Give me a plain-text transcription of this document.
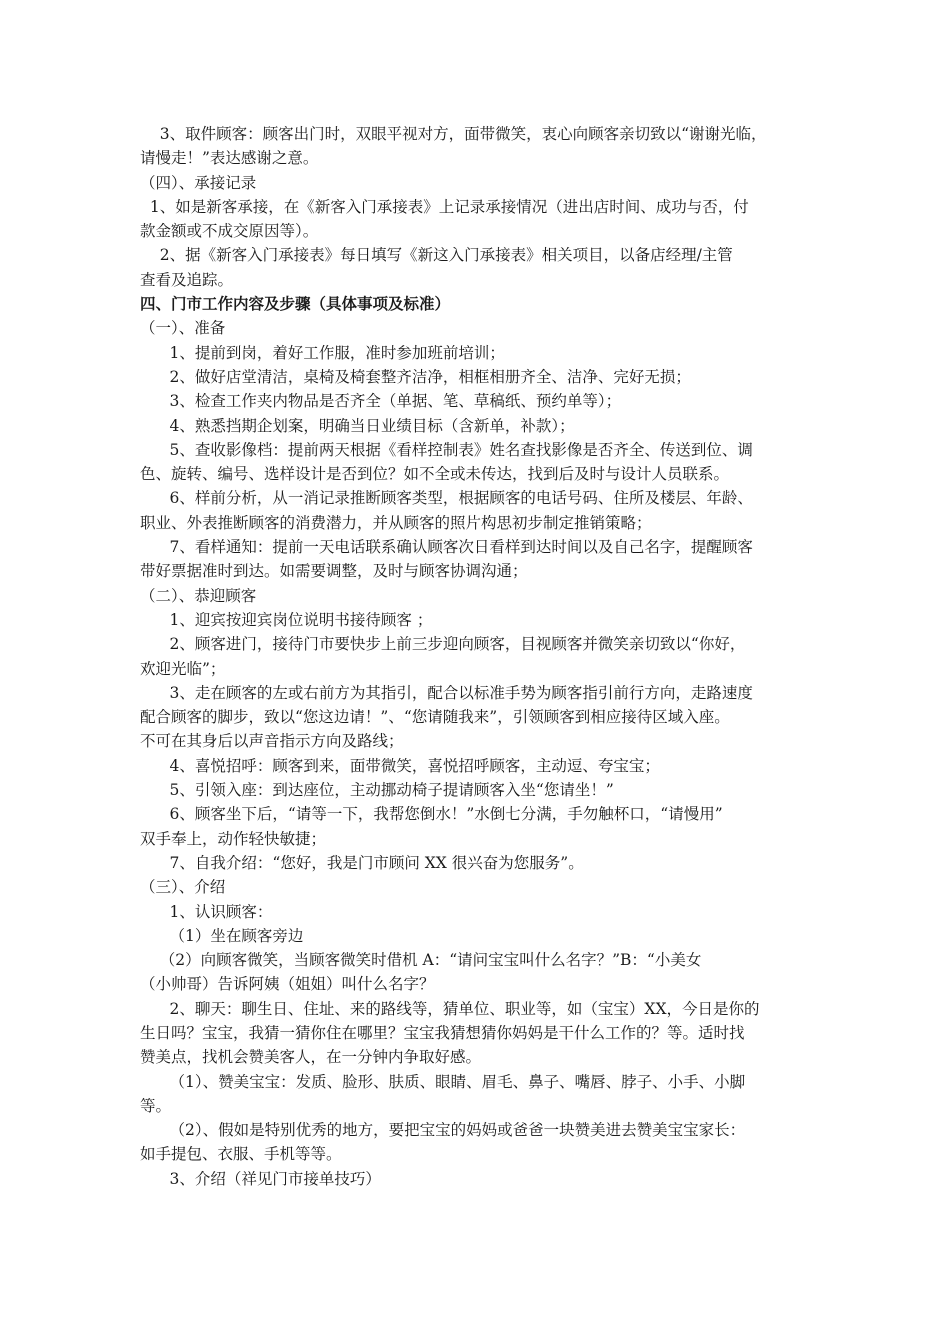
3、取件顾客：顾客出门时，双眼平视对方，面带微笑，衷心向顾客亲切致以“谢谢光临，
请慢走！”表达感谢之意。
（四）、承接记录
1、如是新客承接，在《新客入门承接表》上记录承接情况（进出店时间、成功与否，付
款金额或不成交原因等）。
2、据《新客入门承接表》每日填写《新这入门承接表》相关项目，以备店经理/主管
查看及追踪。
四、门市工作内容及步骤（具体事项及标准）
（一）、准备
1、提前到岗，着好工作服，准时参加班前培训；
2、做好店堂清洁，桌椅及椅套整齐洁净，相框相册齐全、洁净、完好无损；
3、检查工作夹内物品是否齐全（单据、笔、草稿纸、预约单等）；
4、熟悉挡期企划案，明确当日业绩目标（含新单，补款）；
5、查收影像档：提前两天根据《看样控制表》姓名查找影像是否齐全、传送到位、调
色、旋转、编号、选样设计是否到位？如不全或未传达，找到后及时与设计人员联系。
6、样前分析，从一消记录推断顾客类型，根据顾客的电话号码、住所及楼层、年龄、
职业、外表推断顾客的消费潜力，并从顾客的照片构思初步制定推销策略；
7、看样通知：提前一天电话联系确认顾客次日看样到达时间以及自己名字，提醒顾客
带好票据准时到达。如需要调整，及时与顾客协调沟通；
（二）、恭迎顾客
1、迎宾按迎宾岗位说明书接待顾客 ；
2、顾客进门，接待门市要快步上前三步迎向顾客，目视顾客并微笑亲切致以“你好，
欢迎光临”；
3、走在顾客的左或右前方为其指引，配合以标准手势为顾客指引前行方向，走路速度
配合顾客的脚步，致以“您这边请！”、“您请随我来”，引领顾客到相应接待区域入座。
不可在其身后以声音指示方向及路线；
4、喜悦招呼：顾客到来，面带微笑，喜悦招呼顾客，主动逗、夸宝宝；
5、引领入座：到达座位，主动挪动椅子提请顾客入坐“您请坐！”
6、顾客坐下后，“请等一下，我帮您倒水！”水倒七分满，手勿触杯口，“请慢用”
双手奉上，动作轻快敏捷；
7、自我介绍：“您好，我是门市顾问 XX 很兴奋为您服务”。
（三）、介绍
1、认识顾客：
（1）坐在顾客旁边
（2）向顾客微笑，当顾客微笑时借机 A：“请问宝宝叫什么名字？”B：“小美女
（小帅哥）告诉阿姨（姐姐）叫什么名字？
2、聊天：聊生日、住址、来的路线等，猜单位、职业等，如（宝宝）XX，今日是你的
生日吗？宝宝，我猜一猜你住在哪里？宝宝我猜想猜你妈妈是干什么工作的？等。适时找
赞美点，找机会赞美客人，在一分钟内争取好感。
（1）、赞美宝宝：发质、脸形、肤质、眼睛、眉毛、鼻子、嘴唇、脖子、小手、小脚
等。
（2）、假如是特别优秀的地方，要把宝宝的妈妈或爸爸一块赞美进去赞美宝宝家长：
如手提包、衣服、手机等等。
3、介绍（祥见门市接单技巧）
